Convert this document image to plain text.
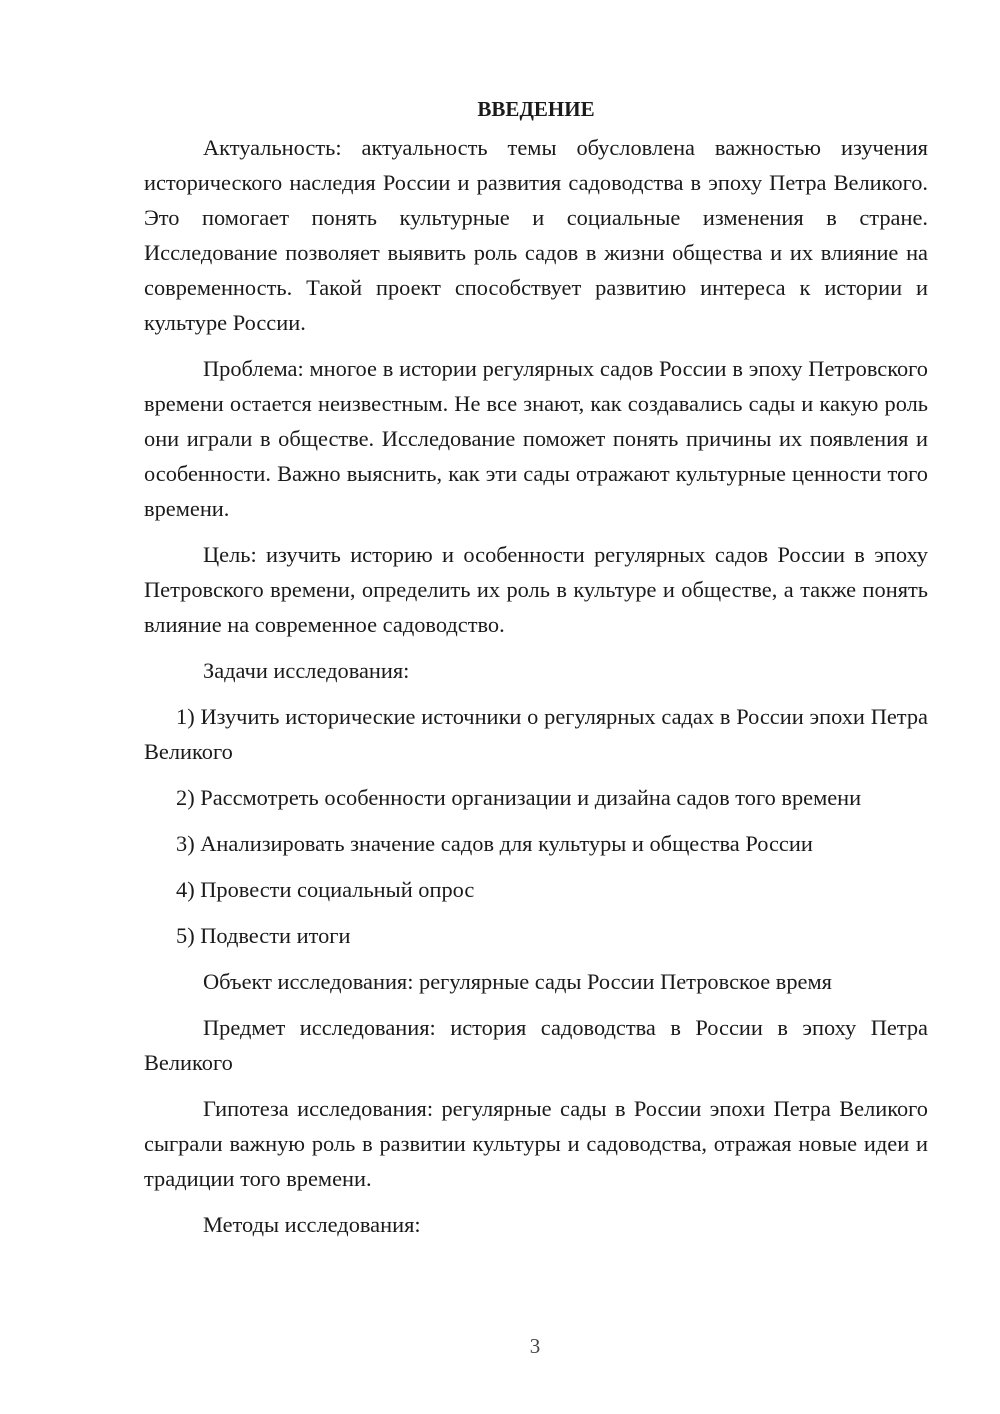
ВВЕДЕНИЕ

Актуальность: актуальность темы обусловлена важностью изучения исторического наследия России и развития садоводства в эпоху Петра Великого. Это помогает понять культурные и социальные изменения в стране. Исследование позволяет выявить роль садов в жизни общества и их влияние на современность. Такой проект способствует развитию интереса к истории и культуре России.

Проблема: многое в истории регулярных садов России в эпоху Петровского времени остается неизвестным. Не все знают, как создавались сады и какую роль они играли в обществе. Исследование поможет понять причины их появления и особенности. Важно выяснить, как эти сады отражают культурные ценности того времени.

Цель: изучить историю и особенности регулярных садов России в эпоху Петровского времени, определить их роль в культуре и обществе, а также понять влияние на современное садоводство.

Задачи исследования:

1) Изучить исторические источники о регулярных садах в России эпохи Петра Великого

2) Рассмотреть особенности организации и дизайна садов того времени

3) Анализировать значение садов для культуры и общества России

4) Провести социальный опрос

5) Подвести итоги

Объект исследования: регулярные сады России Петровское время

Предмет исследования: история садоводства в России в эпоху Петра Великого

Гипотеза исследования: регулярные сады в России эпохи Петра Великого сыграли важную роль в развитии культуры и садоводства, отражая новые идеи и традиции того времени.

Методы исследования:

3
